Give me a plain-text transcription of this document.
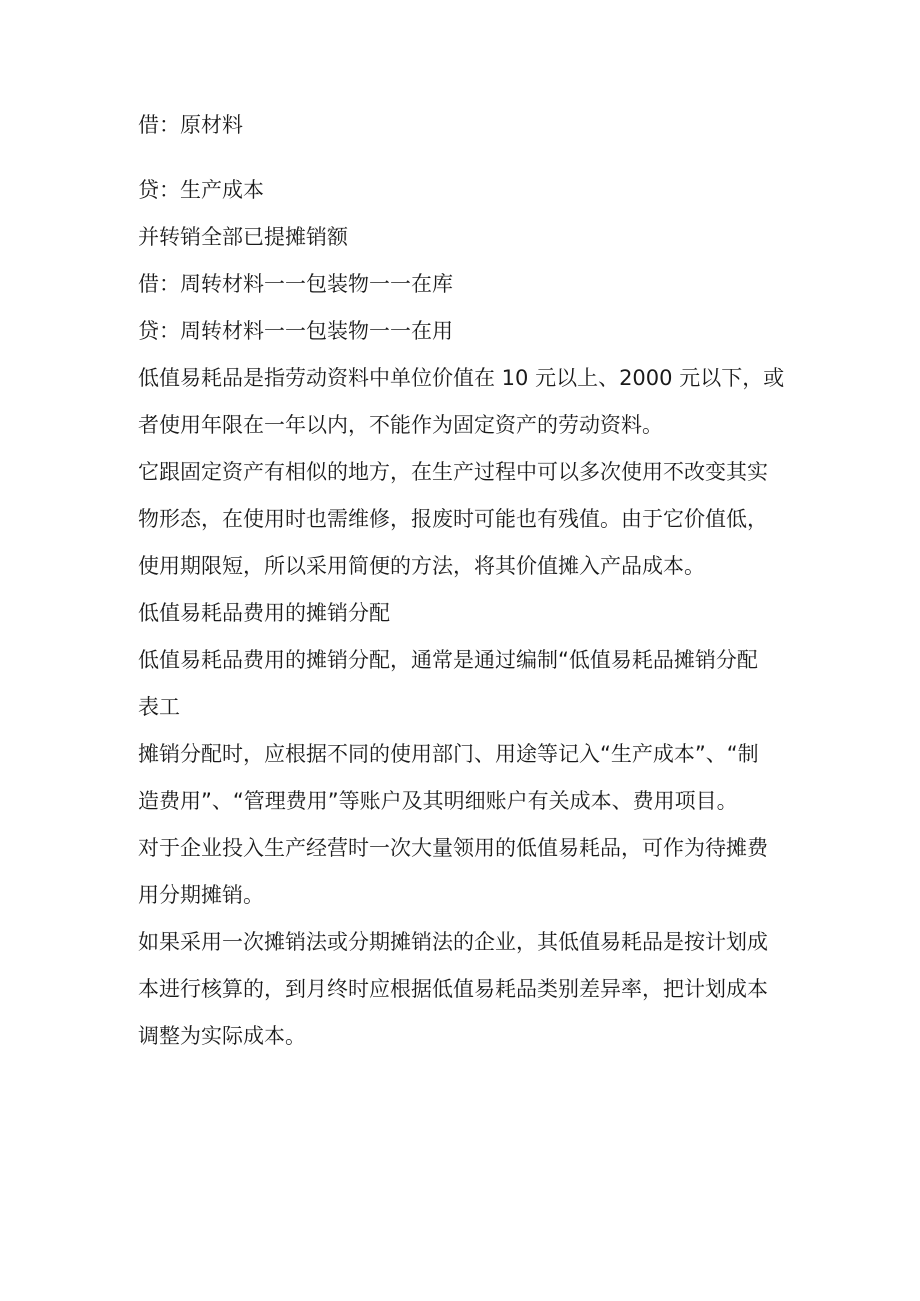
借：原材料
贷：生产成本
并转销全部已提摊销额
借：周转材料一一包装物一一在库
贷：周转材料一一包装物一一在用
低值易耗品是指劳动资料中单位价值在 10 元以上、2000 元以下，或
者使用年限在一年以内，不能作为固定资产的劳动资料。
它跟固定资产有相似的地方，在生产过程中可以多次使用不改变其实
物形态，在使用时也需维修，报废时可能也有残值。由于它价值低，
使用期限短，所以采用简便的方法，将其价值摊入产品成本。
低值易耗品费用的摊销分配
低值易耗品费用的摊销分配，通常是通过编制“低值易耗品摊销分配
表工
摊销分配时，应根据不同的使用部门、用途等记入“生产成本”、“制
造费用”、“管理费用”等账户及其明细账户有关成本、费用项目。
对于企业投入生产经营时一次大量领用的低值易耗品，可作为待摊费
用分期摊销。
如果采用一次摊销法或分期摊销法的企业，其低值易耗品是按计划成
本进行核算的，到月终时应根据低值易耗品类别差异率，把计划成本
调整为实际成本。
